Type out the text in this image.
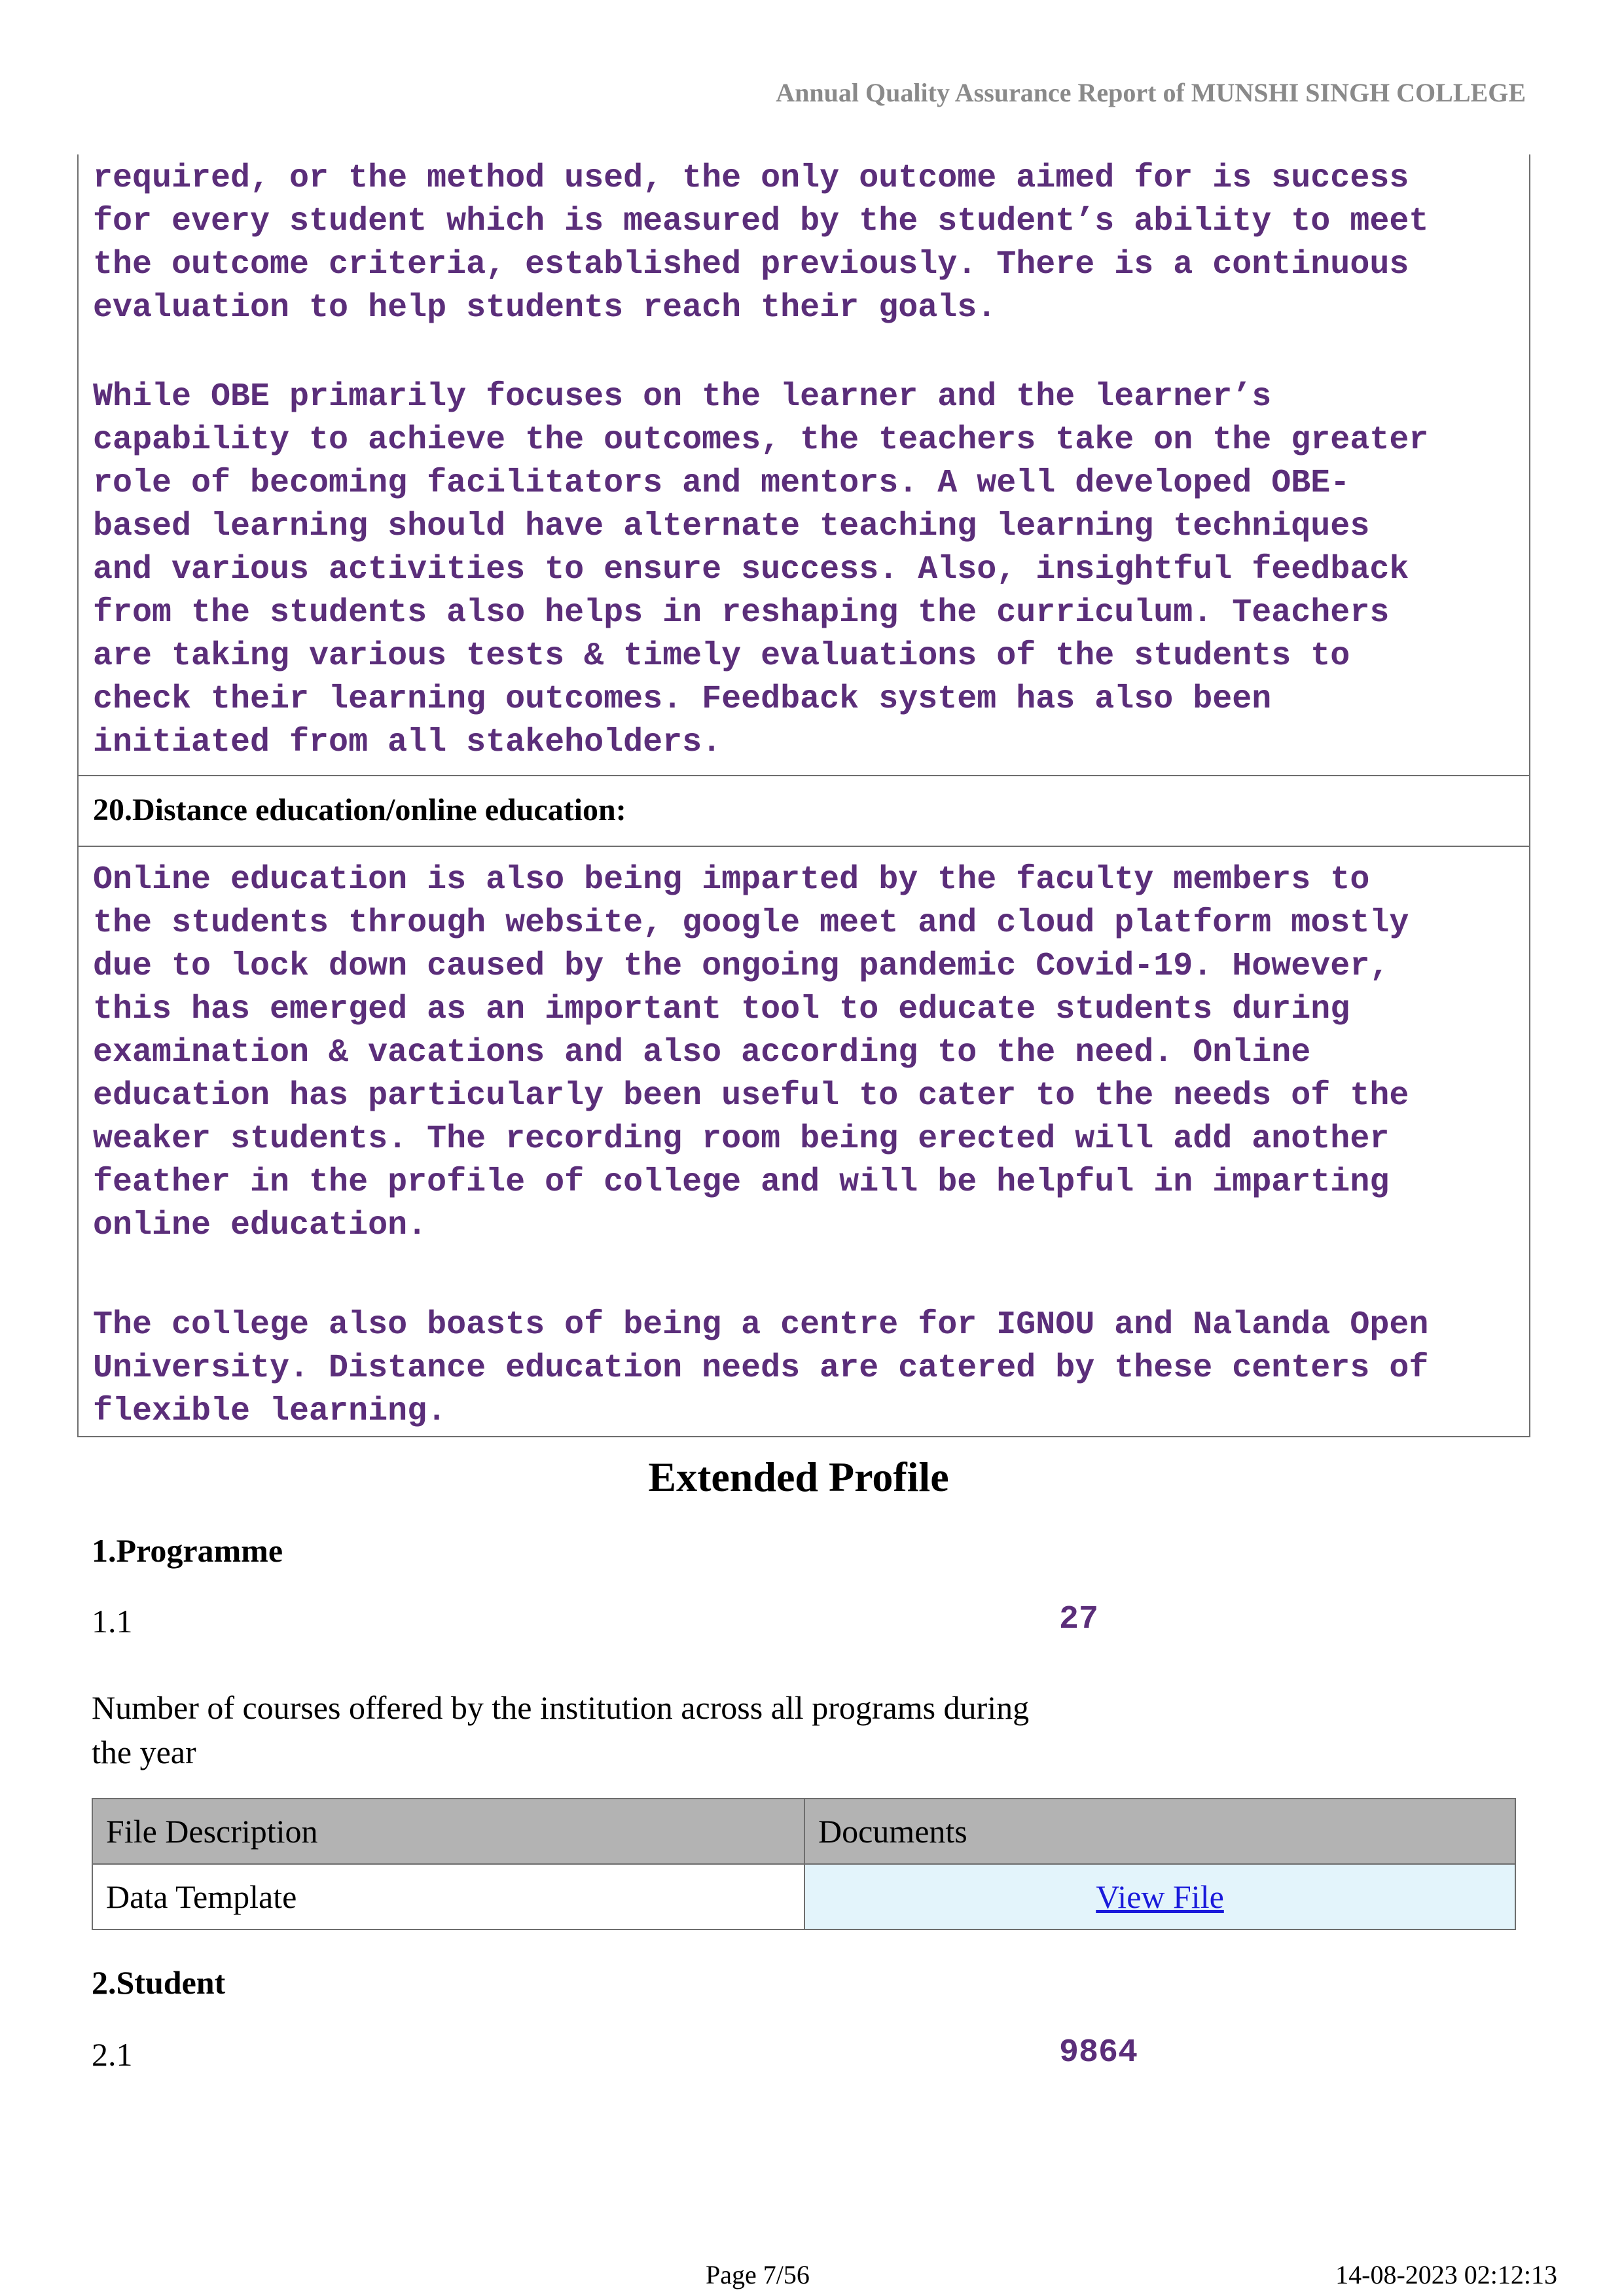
Annual Quality Assurance Report of MUNSHI SINGH COLLEGE

required, or the method used, the only outcome aimed for is success
for every student which is measured by the student’s ability to meet
the outcome criteria, established previously. There is a continuous
evaluation to help students reach their goals.

While OBE primarily focuses on the learner and the learner’s
capability to achieve the outcomes, the teachers take on the greater
role of becoming facilitators and mentors. A well developed OBE-
based learning should have alternate teaching learning techniques
and various activities to ensure success. Also, insightful feedback
from the students also helps in reshaping the curriculum. Teachers
are taking various tests & timely evaluations of the students to
check their learning outcomes. Feedback system has also been
initiated from all stakeholders.

20.Distance education/online education:

Online education is also being imparted by the faculty members to
the students through website, google meet and cloud platform mostly
due to lock down caused by the ongoing pandemic Covid-19. However,
this has emerged as an important tool to educate students during
examination & vacations and also according to the need. Online
education has particularly been useful to cater to the needs of the
weaker students. The recording room being erected will add another
feather in the profile of college and will be helpful in imparting
online education.

The college also boasts of being a centre for IGNOU and Nalanda Open
University. Distance education needs are catered by these centers of
flexible learning.

Extended Profile
1.Programme
1.1	27
Number of courses offered by the institution across all programs during the year
File Description	Documents
Data Template	View File
2.Student
2.1	9864
Page 7/56	14-08-2023 02:12:13
